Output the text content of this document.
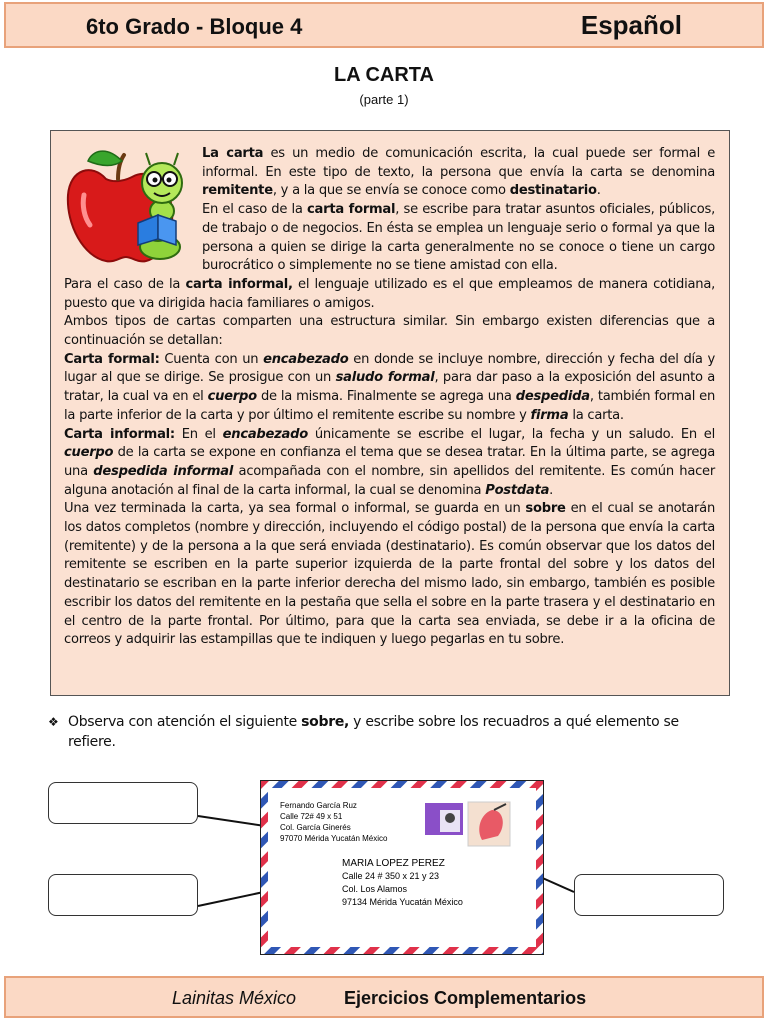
6to Grado - Bloque 4	Español
LA CARTA
(parte 1)

La carta es un medio de comunicación escrita, la cual puede ser formal e informal. En este tipo de texto, la persona que envía la carta se denomina remitente, y a la que se envía se conoce como destinatario.

En el caso de la carta formal, se escribe para tratar asuntos oficiales, públicos, de trabajo o de negocios. En ésta se emplea un lenguaje serio o formal ya que la persona a quien se dirige la carta generalmente no se conoce o tiene un cargo burocrático o simplemente no se tiene amistad con ella.

Para el caso de la carta informal, el lenguaje utilizado es el que empleamos de manera cotidiana, puesto que va dirigida hacia familiares o amigos.

Ambos tipos de cartas comparten una estructura similar. Sin embargo existen diferencias que a continuación se detallan:

Carta formal: Cuenta con un encabezado en donde se incluye nombre, dirección y fecha del día y lugar al que se dirige. Se prosigue con un saludo formal, para dar paso a la exposición del asunto a tratar, la cual va en el cuerpo de la misma. Finalmente se agrega una despedida, también formal en la parte inferior de la carta y por último el remitente escribe su nombre y firma la carta.

Carta informal: En el encabezado únicamente se escribe el lugar, la fecha y un saludo. En el cuerpo de la carta se expone en confianza el tema que se desea tratar. En la última parte, se agrega una despedida informal acompañada con el nombre, sin apellidos del remitente. Es común hacer alguna anotación al final de la carta informal, la cual se denomina Postdata.

Una vez terminada la carta, ya sea formal o informal, se guarda en un sobre en el cual se anotarán los datos completos (nombre y dirección, incluyendo el código postal) de la persona que envía la carta (remitente) y de la persona a la que será enviada (destinatario). Es común observar que los datos del remitente se escriben en la parte superior izquierda de la parte frontal del sobre y los datos del destinatario se escriban en la parte inferior derecha del mismo lado, sin embargo, también es posible escribir los datos del remitente en la pestaña que sella el sobre en la parte trasera y el destinatario en el centro de la parte frontal. Por último, para que la carta sea enviada, se debe ir a la oficina de correos y adquirir las estampillas que te indiquen y luego pegarlas en tu sobre.

❖ Observa con atención el siguiente sobre, y escribe sobre los recuadros a qué elemento se refiere.
Fernando García Ruz
Calle 72# 49 x 51
Col. García Ginerés
97070 Mérida Yucatán México
MARIA LOPEZ PEREZ
Calle 24 # 350 x 21 y 23
Col. Los Alamos
97134 Mérida Yucatán México
Lainitas México	Ejercicios Complementarios
